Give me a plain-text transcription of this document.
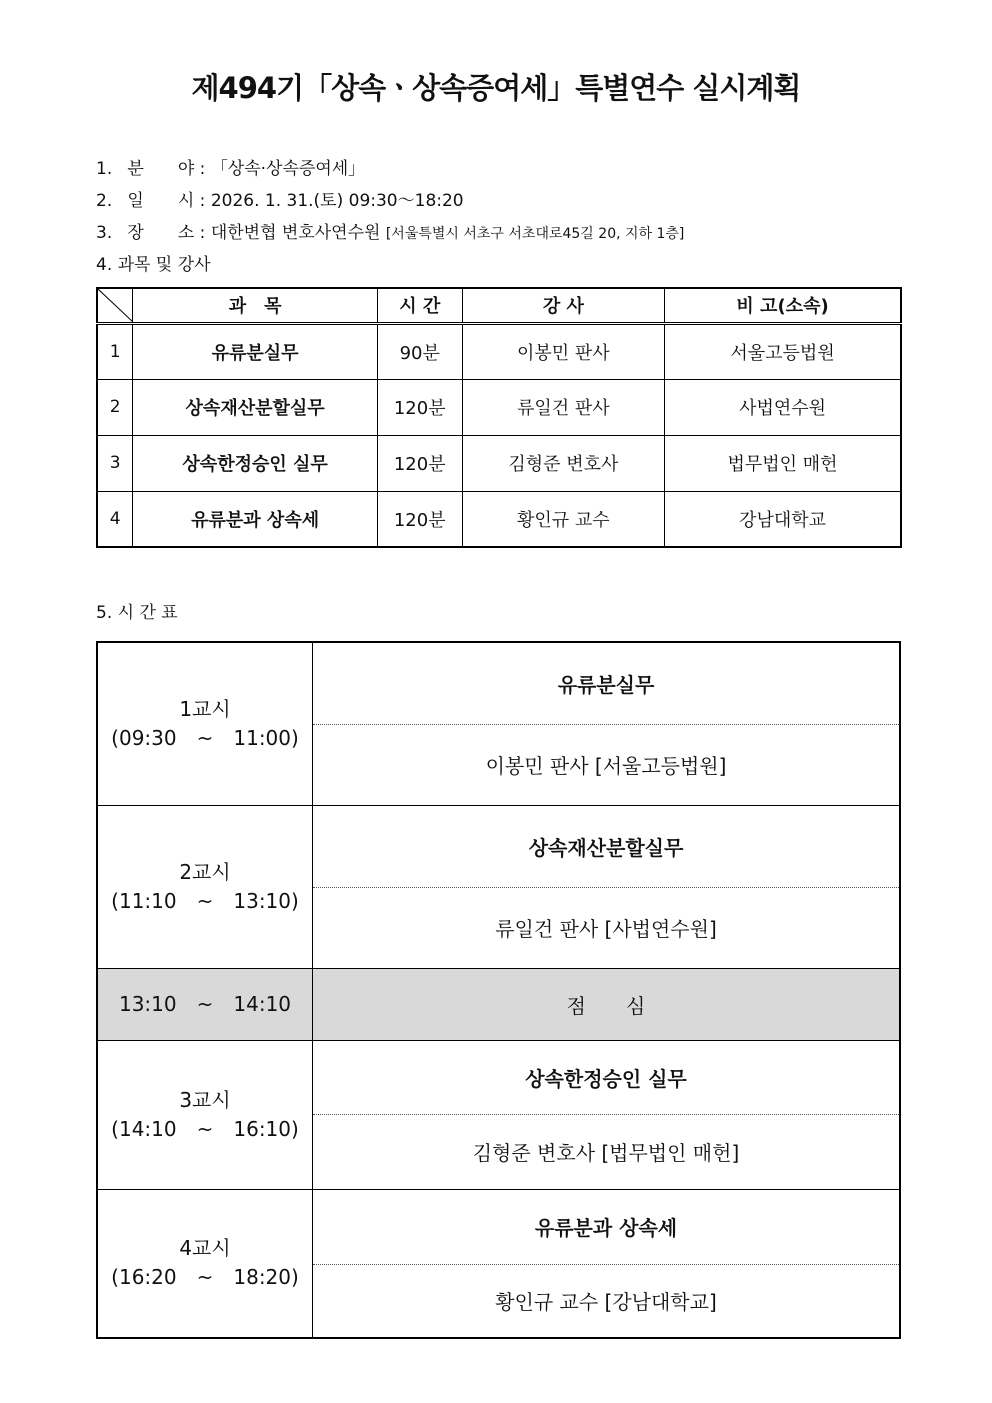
제494기「상속ㆍ상속증여세」특별연수 실시계획
1. 분　　야 : 「상속·상속증여세」
2. 일　　시 : 2026. 1. 31.(토) 09:30～18:20
3. 장　　소 : 대한변협 변호사연수원 [서울특별시 서초구 서초대로45길 20, 지하 1층]
4. 과목 및 강사
	과　목	시 간	강 사	비 고(소속)
1	유류분실무	90분	이봉민 판사	서울고등법원
2	상속재산분할실무	120분	류일건 판사	사법연수원
3	상속한정승인 실무	120분	김형준 변호사	법무법인 매헌
4	유류분과 상속세	120분	황인규 교수	강남대학교
5. 시 간 표
1교시
(09:30　~　11:00)	유류분실무
	이봉민 판사 [서울고등법원]

2교시
(11:10　~　13:10)	상속재산분할실무
	류일건 판사 [사법연수원]
13:10　~　14:10	점　　심

3교시
(14:10　~　16:10)	상속한정승인 실무
	김형준 변호사 [법무법인 매헌]

4교시
(16:20　~　18:20)	유류분과 상속세
	황인규 교수 [강남대학교]
